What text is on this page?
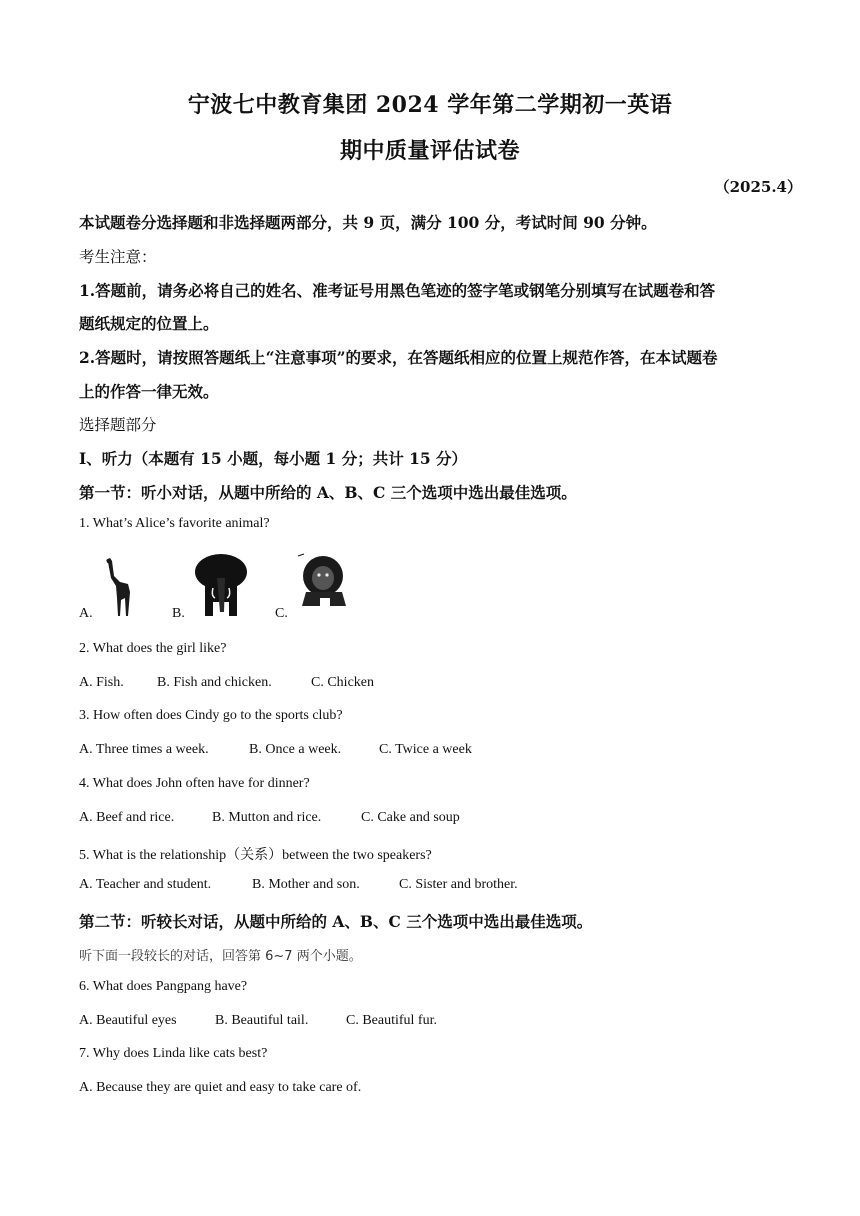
宁波七中教育集团 2024 学年第二学期初一英语
期中质量评估试卷
（2025.4）
本试题卷分选择题和非选择题两部分，共 9 页，满分 100 分，考试时间 90 分钟。
考生注意：
1.答题前，请务必将自己的姓名、准考证号用黑色笔迹的签字笔或钢笔分别填写在试题卷和答
题纸规定的位置上。
2.答题时，请按照答题纸上“注意事项”的要求，在答题纸相应的位置上规范作答，在本试题卷
上的作答一律无效。
选择题部分
Ⅰ、听力（本题有 15 小题，每小题 1 分；共计 15 分）
第一节：听小对话，从题中所给的 A、B、C 三个选项中选出最佳选项。
1. What’s Alice’s favorite animal?
A.	B.	C.
2. What does the girl like?
A. Fish. B. Fish and chicken.	C. Chicken
3. How often does Cindy go to the sports club?
A. Three times a week.	B. Once a week.	C. Twice a week
4. What does John often have for dinner?
A. Beef and rice.	B. Mutton and rice.	C. Cake and soup
5. What is the relationship（关系）between the two speakers?
A. Teacher and student.	B. Mother and son.	C. Sister and brother.
第二节：听较长对话，从题中所给的 A、B、C 三个选项中选出最佳选项。
听下面一段较长的对话，回答第 6~7 两个小题。
6. What does Pangpang have?
A. Beautiful eyes	B. Beautiful tail.	C. Beautiful fur.
7. Why does Linda like cats best?
A. Because they are quiet and easy to take care of.
